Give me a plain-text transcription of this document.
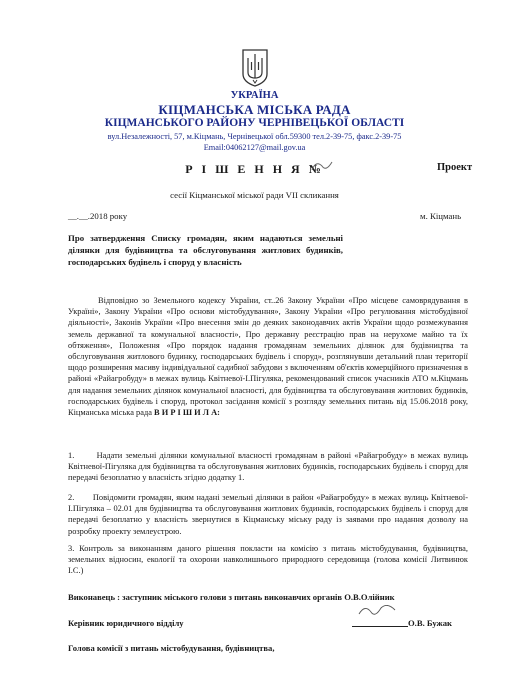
УКРАЇНА
КІЦМАНСЬКА МІСЬКА РАДА
КІЦМАНСЬКОГО РАЙОНУ ЧЕРНІВЕЦЬКОЇ ОБЛАСТІ
вул.Незалежності, 57, м.Кіцмань, Чернівецької обл.59300 тел.2-39-75, факс.2-39-75
Email:04062127@mail.gov.ua
Р І Ш Е Н Н Я №	Проект
сесії Кіцманської міської ради VII скликання
__.__.2018 року	м. Кіцмань
Про затвердження Списку громадян, яким надаються земельні ділянки для будівництва та обслуговування житлових будинків, господарських будівель і споруд у власність
Відповідно зо Земельного кодексу України, ст..26 Закону України «Про місцеве самоврядування в Україні», Закону України «Про основи містобудування», Закону України «Про регулювання містобудівної діяльності», Законів України «Про внесення змін до деяких законодавчих актів України щодо розмежування земель державної та комунальної власності», Про державну реєстрацію прав на нерухоме майно та їх обтяження», Положення «Про порядок надання громадянам земельних ділянок для будівництва та обслуговування житлового будинку, господарських будівель і споруд», розглянувши детальний план території щодо розширення масиву індивідуальної садибної забудови з включенням об'єктів комерційного призначення в районі «Райагробуду» в межах вулиць Квітневої-І.Пігуляка, рекомендований список учасників АТО м.Кіцмань для надання земельних ділянок комунальної власності, для будівництва та обслуговування житлових будинків, господарських будівель і споруд, протокол засідання комісії з розгляду земельних питань від 15.06.2018 року, Кіцманська міська рада В И Р І Ш И Л А:
1.       Надати земельні ділянки комунальної власності громадянам в районі «Райагробуду» в межах вулиць Квітневої-Пігуляка для будівництва та обслуговування житлових будинків, господарських будівель і споруд для передачі безоплатно у власність згідно додатку 1.
2.       Повідомити громадян, яким надані земельні ділянки в район «Райагробуду» в межах вулиць Квітневої-І.Пігуляка – 02.01 для будівництва та обслуговування житлових будинків, господарських будівель і споруд для передачі безоплатно у власність звернутися в Кіцманську міську раду із заявами про надання дозволу на розробку проекту землеустрою.
3. Контроль за виконанням даного рішення покласти на комісію з питань містобудування, будівництва, земельних відносин, екології та охорони навколишнього природного середовища (голова комісії Литвинюк І.С.)
Виконавець : заступник міського голови з питань виконавчих органів О.В.Олійник
Керівник юридичного відділу	О.В. Бужак
Голова комісії з питань містобудування, будівництва,
